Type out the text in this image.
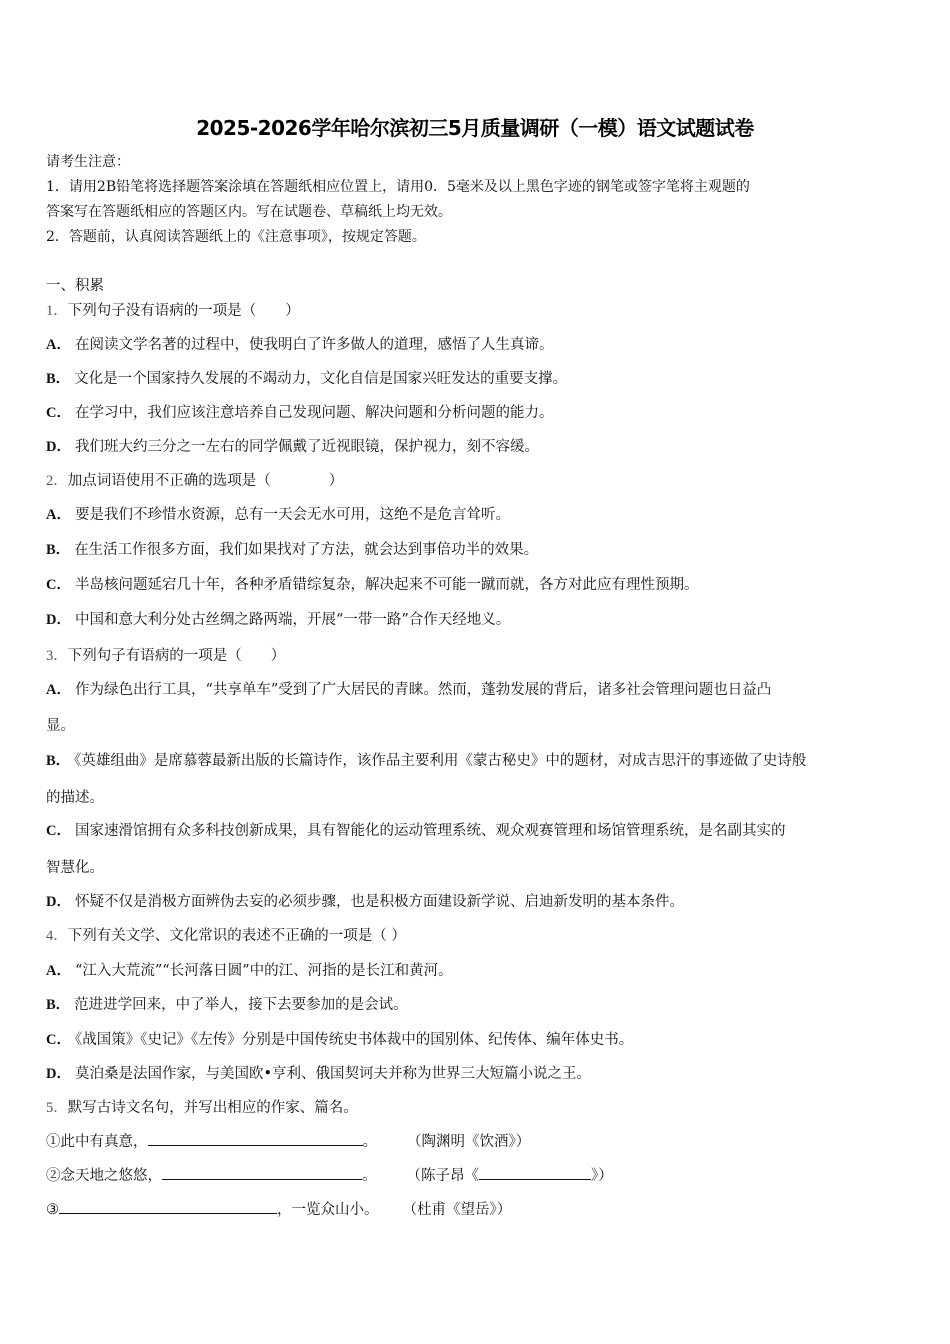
2025-2026学年哈尔滨初三5月质量调研（一模）语文试题试卷
请考生注意：
1．请用2B铅笔将选择题答案涂填在答题纸相应位置上，请用0．5毫米及以上黑色字迹的钢笔或签字笔将主观题的
答案写在答题纸相应的答题区内。写在试题卷、草稿纸上均无效。
2．答题前，认真阅读答题纸上的《注意事项》，按规定答题。
一、积累
1．下列句子没有语病的一项是（　　）
A． 在阅读文学名著的过程中，使我明白了许多做人的道理，感悟了人生真谛。
B． 文化是一个国家持久发展的不竭动力，文化自信是国家兴旺发达的重要支撑。
C． 在学习中，我们应该注意培养自己发现问题、解决问题和分析问题的能力。
D． 我们班大约三分之一左右的同学佩戴了近视眼镜，保护视力，刻不容缓。
2．加点词语使用不正确的选项是（　　　　）
A． 要是我们不珍惜水资源，总有一天会无水可用，这绝不是危言耸听。
B． 在生活工作很多方面，我们如果找对了方法，就会达到事倍功半的效果。
C． 半岛核问题延宕几十年，各种矛盾错综复杂，解决起来不可能一蹴而就，各方对此应有理性预期。
D． 中国和意大利分处古丝绸之路两端，开展“一带一路”合作天经地义。
3．下列句子有语病的一项是（　　）
A． 作为绿色出行工具，“共享单车”受到了广大居民的青睐。然而，蓬勃发展的背后，诸多社会管理问题也日益凸
显。
B． 《英雄组曲》是席慕蓉最新出版的长篇诗作，该作品主要利用《蒙古秘史》中的题材，对成吉思汗的事迹做了史诗般
的描述。
C． 国家速滑馆拥有众多科技创新成果，具有智能化的运动管理系统、观众观赛管理和场馆管理系统，是名副其实的
智慧化。
D． 怀疑不仅是消极方面辨伪去妄的必须步骤，也是积极方面建设新学说、启迪新发明的基本条件。
4．下列有关文学、文化常识的表述不正确的一项是（ ）
A． “江入大荒流”“长河落日圆”中的江、河指的是长江和黄河。
B． 范进进学回来，中了举人，接下去要参加的是会试。
C． 《战国策》《史记》《左传》分别是中国传统史书体裁中的国别体、纪传体、编年体史书。
D． 莫泊桑是法国作家，与美国欧•亨利、俄国契诃夫并称为世界三大短篇小说之王。
5．默写古诗文名句，并写出相应的作家、篇名。
①此中有真意，	。 （陶渊明《饮酒》）
②念天地之悠悠，	。 （陈子昂《	》）
③	，一览众山小。 （杜甫《望岳》）
